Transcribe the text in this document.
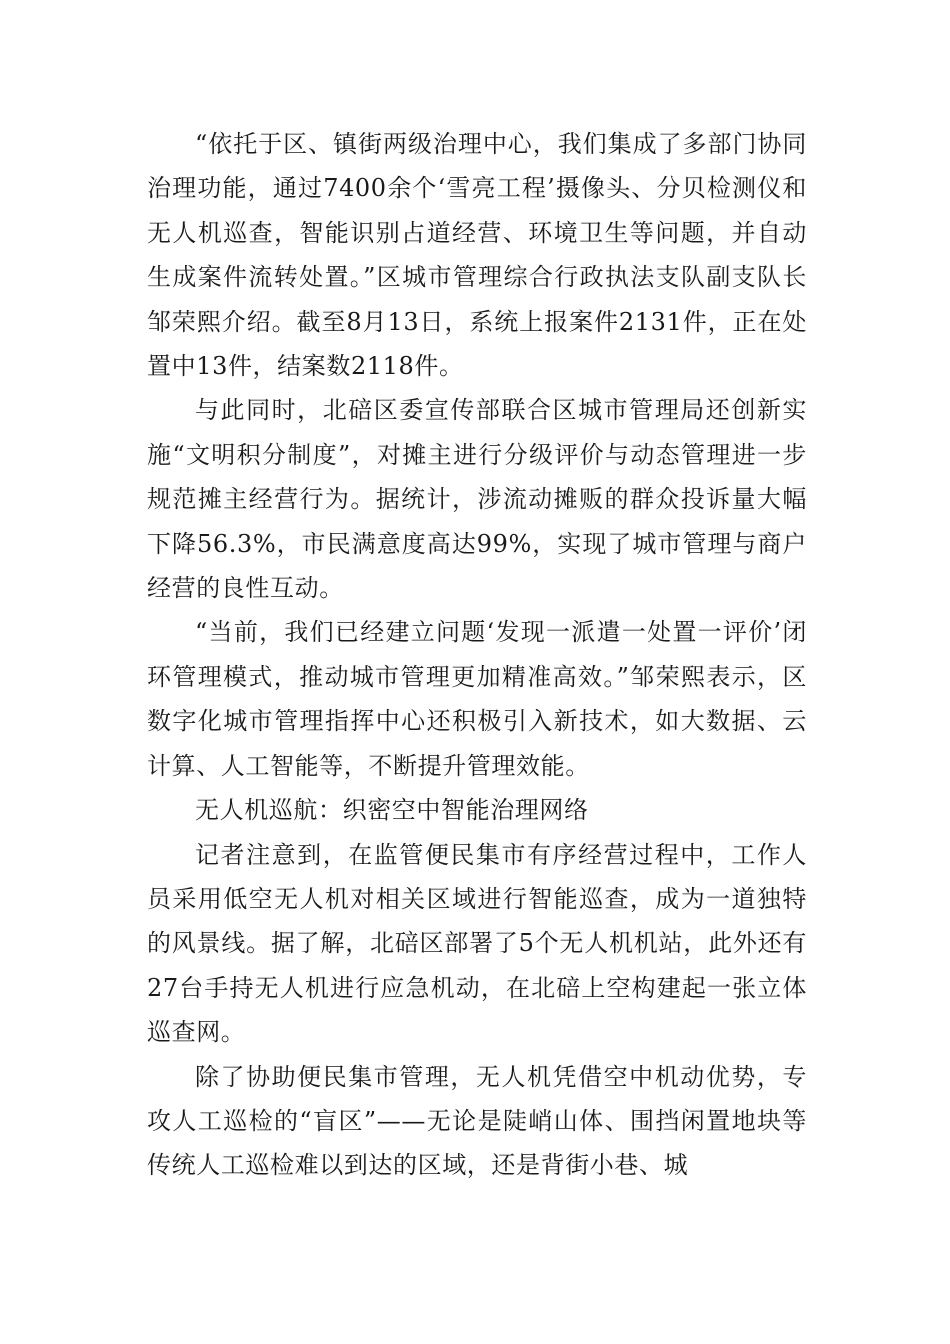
“依托于区、镇街两级治理中心，我们集成了多部门协同治理功能，通过7400余个‘雪亮工程’摄像头、分贝检测仪和无人机巡查，智能识别占道经营、环境卫生等问题，并自动生成案件流转处置。”区城市管理综合行政执法支队副支队长邹荣熙介绍。截至8月13日，系统上报案件2131件，正在处置中13件，结案数2118件。

与此同时，北碚区委宣传部联合区城市管理局还创新实施“文明积分制度”，对摊主进行分级评价与动态管理进一步规范摊主经营行为。据统计，涉流动摊贩的群众投诉量大幅下降56.3%，市民满意度高达99%，实现了城市管理与商户经营的良性互动。

“当前，我们已经建立问题‘发现一派遣一处置一评价’闭环管理模式，推动城市管理更加精准高效。”邹荣熙表示，区数字化城市管理指挥中心还积极引入新技术，如大数据、云计算、人工智能等，不断提升管理效能。

无人机巡航：织密空中智能治理网络

记者注意到，在监管便民集市有序经营过程中，工作人员采用低空无人机对相关区域进行智能巡查，成为一道独特的风景线。据了解，北碚区部署了5个无人机机站，此外还有27台手持无人机进行应急机动，在北碚上空构建起一张立体巡查网。

除了协助便民集市管理，无人机凭借空中机动优势，专攻人工巡检的“盲区”——无论是陡峭山体、围挡闲置地块等传统人工巡检难以到达的区域，还是背街小巷、城
